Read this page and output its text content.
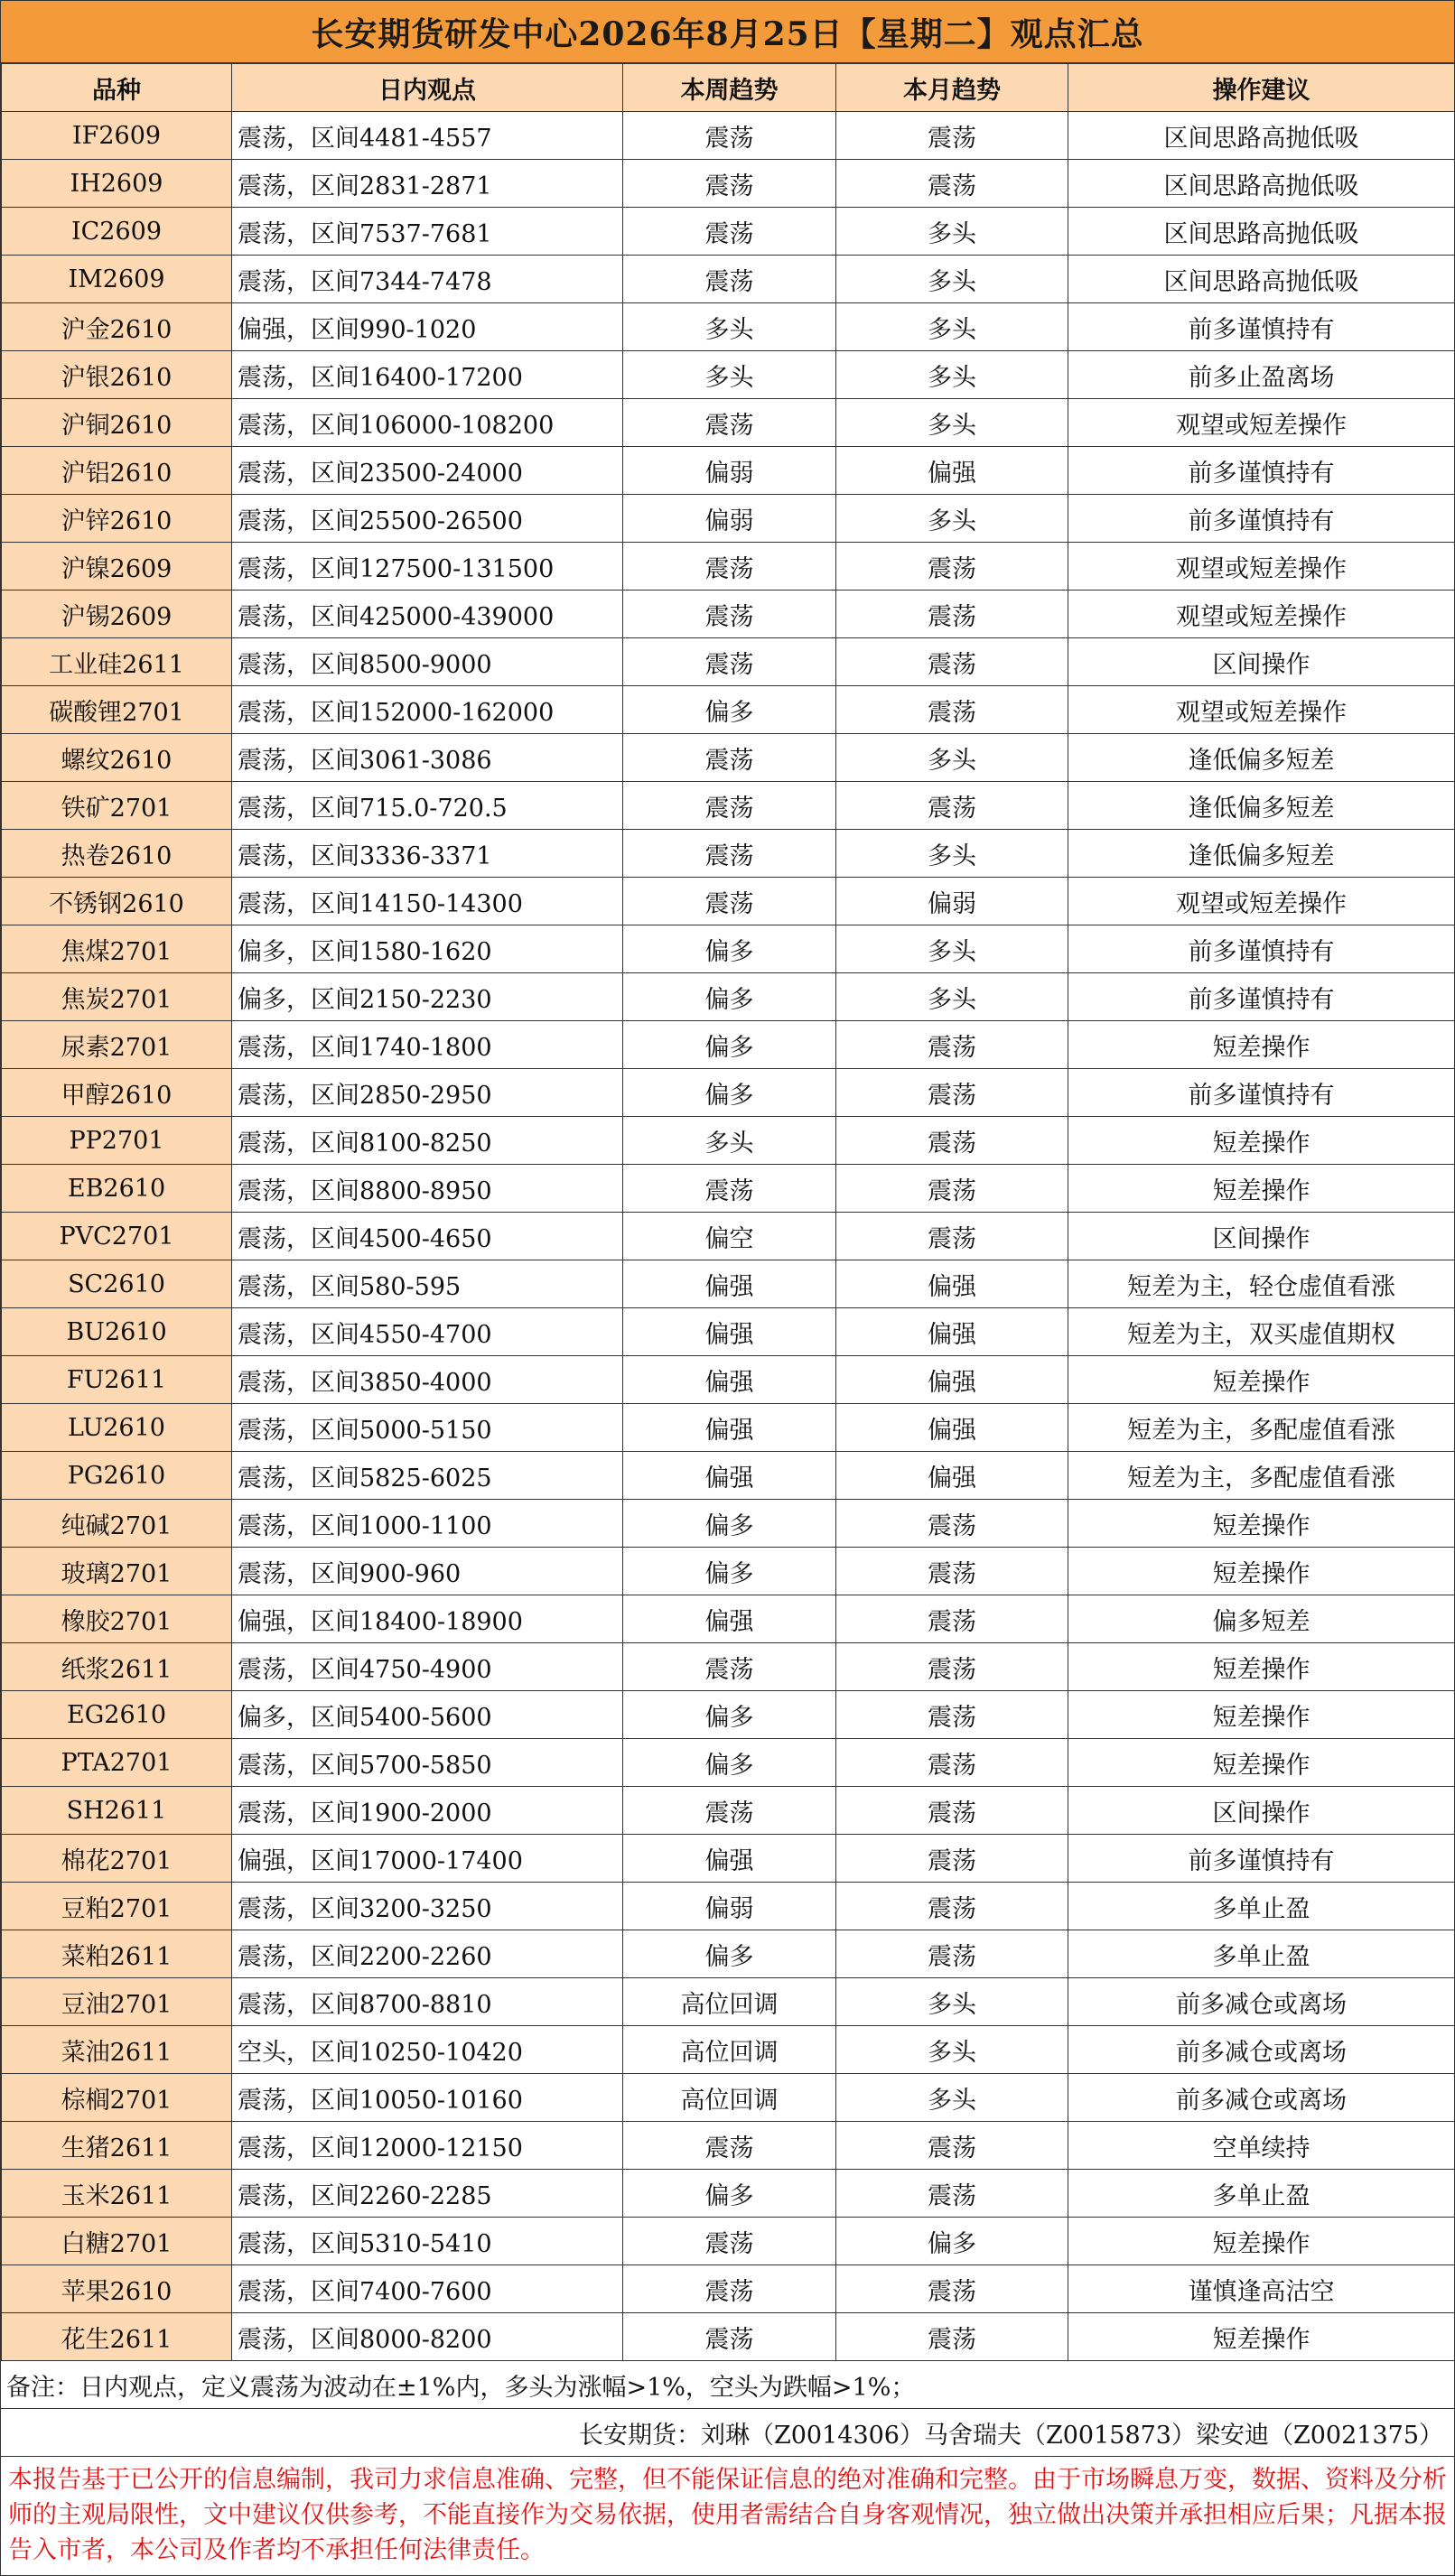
长安期货研发中心2026年8月25日【星期二】观点汇总
品种	日内观点	本周趋势	本月趋势	操作建议
IF2609	震荡，区间4481-4557	震荡	震荡	区间思路高抛低吸
IH2609	震荡，区间2831-2871	震荡	震荡	区间思路高抛低吸
IC2609	震荡，区间7537-7681	震荡	多头	区间思路高抛低吸
IM2609	震荡，区间7344-7478	震荡	多头	区间思路高抛低吸
沪金2610	偏强，区间990-1020	多头	多头	前多谨慎持有
沪银2610	震荡，区间16400-17200	多头	多头	前多止盈离场
沪铜2610	震荡，区间106000-108200	震荡	多头	观望或短差操作
沪铝2610	震荡，区间23500-24000	偏弱	偏强	前多谨慎持有
沪锌2610	震荡，区间25500-26500	偏弱	多头	前多谨慎持有
沪镍2609	震荡，区间127500-131500	震荡	震荡	观望或短差操作
沪锡2609	震荡，区间425000-439000	震荡	震荡	观望或短差操作
工业硅2611	震荡，区间8500-9000	震荡	震荡	区间操作
碳酸锂2701	震荡，区间152000-162000	偏多	震荡	观望或短差操作
螺纹2610	震荡，区间3061-3086	震荡	多头	逢低偏多短差
铁矿2701	震荡，区间715.0-720.5	震荡	震荡	逢低偏多短差
热卷2610	震荡，区间3336-3371	震荡	多头	逢低偏多短差
不锈钢2610	震荡，区间14150-14300	震荡	偏弱	观望或短差操作
焦煤2701	偏多，区间1580-1620	偏多	多头	前多谨慎持有
焦炭2701	偏多，区间2150-2230	偏多	多头	前多谨慎持有
尿素2701	震荡，区间1740-1800	偏多	震荡	短差操作
甲醇2610	震荡，区间2850-2950	偏多	震荡	前多谨慎持有
PP2701	震荡，区间8100-8250	多头	震荡	短差操作
EB2610	震荡，区间8800-8950	震荡	震荡	短差操作
PVC2701	震荡，区间4500-4650	偏空	震荡	区间操作
SC2610	震荡，区间580-595	偏强	偏强	短差为主，轻仓虚值看涨
BU2610	震荡，区间4550-4700	偏强	偏强	短差为主，双买虚值期权
FU2611	震荡，区间3850-4000	偏强	偏强	短差操作
LU2610	震荡，区间5000-5150	偏强	偏强	短差为主，多配虚值看涨
PG2610	震荡，区间5825-6025	偏强	偏强	短差为主，多配虚值看涨
纯碱2701	震荡，区间1000-1100	偏多	震荡	短差操作
玻璃2701	震荡，区间900-960	偏多	震荡	短差操作
橡胶2701	偏强，区间18400-18900	偏强	震荡	偏多短差
纸浆2611	震荡，区间4750-4900	震荡	震荡	短差操作
EG2610	偏多，区间5400-5600	偏多	震荡	短差操作
PTA2701	震荡，区间5700-5850	偏多	震荡	短差操作
SH2611	震荡，区间1900-2000	震荡	震荡	区间操作
棉花2701	偏强，区间17000-17400	偏强	震荡	前多谨慎持有
豆粕2701	震荡，区间3200-3250	偏弱	震荡	多单止盈
菜粕2611	震荡，区间2200-2260	偏多	震荡	多单止盈
豆油2701	震荡，区间8700-8810	高位回调	多头	前多减仓或离场
菜油2611	空头，区间10250-10420	高位回调	多头	前多减仓或离场
棕榈2701	震荡，区间10050-10160	高位回调	多头	前多减仓或离场
生猪2611	震荡，区间12000-12150	震荡	震荡	空单续持
玉米2611	震荡，区间2260-2285	偏多	震荡	多单止盈
白糖2701	震荡，区间5310-5410	震荡	偏多	短差操作
苹果2610	震荡，区间7400-7600	震荡	震荡	谨慎逢高沽空
花生2611	震荡，区间8000-8200	震荡	震荡	短差操作
备注：日内观点，定义震荡为波动在±1%内，多头为涨幅>1%，空头为跌幅>1%；
长安期货：刘琳（Z0014306）马舍瑞夫（Z0015873）梁安迪（Z0021375）
本报告基于已公开的信息编制，我司力求信息准确、完整，但不能保证信息的绝对准确和完整。由于市场瞬息万变，数据、资料及分析师的主观局限性，文中建议仅供参考，不能直接作为交易依据，使用者需结合自身客观情况，独立做出决策并承担相应后果；凡据本报告入市者，本公司及作者均不承担任何法律责任。
